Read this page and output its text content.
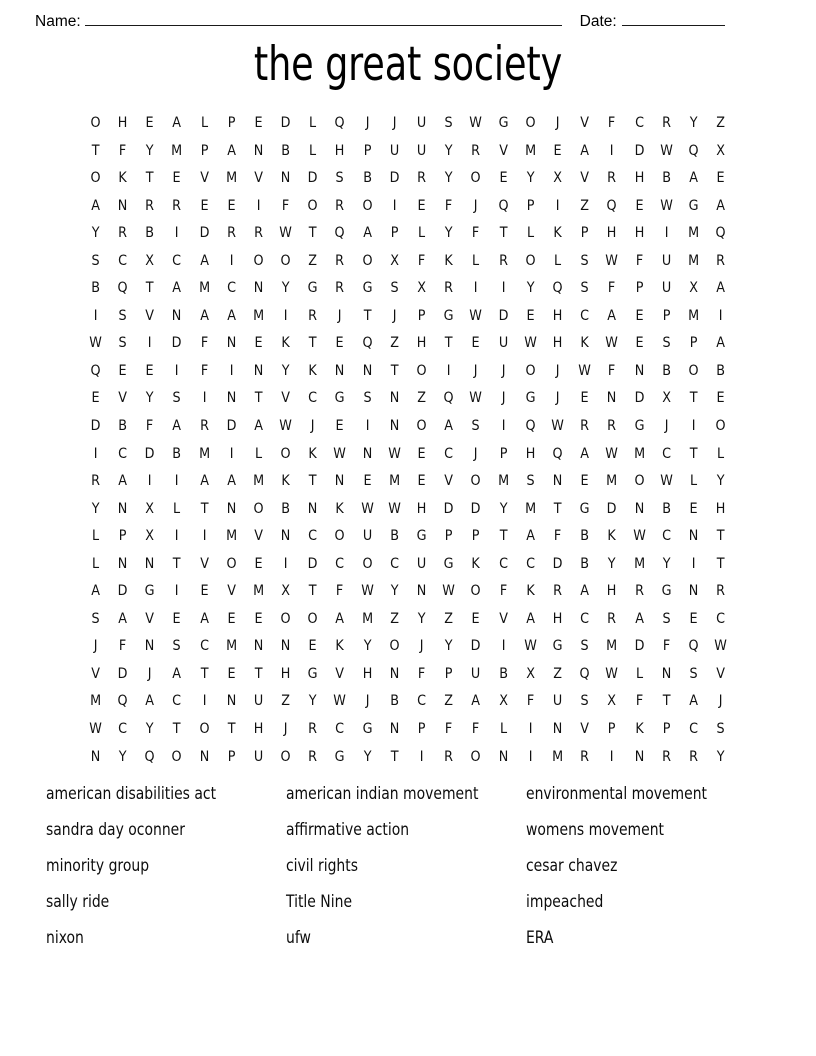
Name:	Date:
the great society
O	H	E	A	L	P	E	D	L	Q	J	J	U	S	W	G	O	J	V	F	C	R	Y	Z
T	F	Y	M	P	A	N	B	L	H	P	U	U	Y	R	V	M	E	A	I	D	W	Q	X
O	K	T	E	V	M	V	N	D	S	B	D	R	Y	O	E	Y	X	V	R	H	B	A	E
A	N	R	R	E	E	I	F	O	R	O	I	E	F	J	Q	P	I	Z	Q	E	W	G	A
Y	R	B	I	D	R	R	W	T	Q	A	P	L	Y	F	T	L	K	P	H	H	I	M	Q
S	C	X	C	A	I	O	O	Z	R	O	X	F	K	L	R	O	L	S	W	F	U	M	R
B	Q	T	A	M	C	N	Y	G	R	G	S	X	R	I	I	Y	Q	S	F	P	U	X	A
I	S	V	N	A	A	M	I	R	J	T	J	P	G	W	D	E	H	C	A	E	P	M	I
W	S	I	D	F	N	E	K	T	E	Q	Z	H	T	E	U	W	H	K	W	E	S	P	A
Q	E	E	I	F	I	N	Y	K	N	N	T	O	I	J	J	O	J	W	F	N	B	O	B
E	V	Y	S	I	N	T	V	C	G	S	N	Z	Q	W	J	G	J	E	N	D	X	T	E
D	B	F	A	R	D	A	W	J	E	I	N	O	A	S	I	Q	W	R	R	G	J	I	O
I	C	D	B	M	I	L	O	K	W	N	W	E	C	J	P	H	Q	A	W	M	C	T	L
R	A	I	I	A	A	M	K	T	N	E	M	E	V	O	M	S	N	E	M	O	W	L	Y
Y	N	X	L	T	N	O	B	N	K	W	W	H	D	D	Y	M	T	G	D	N	B	E	H
L	P	X	I	I	M	V	N	C	O	U	B	G	P	P	T	A	F	B	K	W	C	N	T
L	N	N	T	V	O	E	I	D	C	O	C	U	G	K	C	C	D	B	Y	M	Y	I	T
A	D	G	I	E	V	M	X	T	F	W	Y	N	W	O	F	K	R	A	H	R	G	N	R
S	A	V	E	A	E	E	O	O	A	M	Z	Y	Z	E	V	A	H	C	R	A	S	E	C
J	F	N	S	C	M	N	N	E	K	Y	O	J	Y	D	I	W	G	S	M	D	F	Q	W
V	D	J	A	T	E	T	H	G	V	H	N	F	P	U	B	X	Z	Q	W	L	N	S	V
M	Q	A	C	I	N	U	Z	Y	W	J	B	C	Z	A	X	F	U	S	X	F	T	A	J
W	C	Y	T	O	T	H	J	R	C	G	N	P	F	F	L	I	N	V	P	K	P	C	S
N	Y	Q	O	N	P	U	O	R	G	Y	T	I	R	O	N	I	M	R	I	N	R	R	Y
american disabilities act	american indian movement	environmental movement
sandra day oconner	affirmative action	womens movement
minority group	civil rights	cesar chavez
sally ride	Title Nine	impeached
nixon	ufw	ERA
